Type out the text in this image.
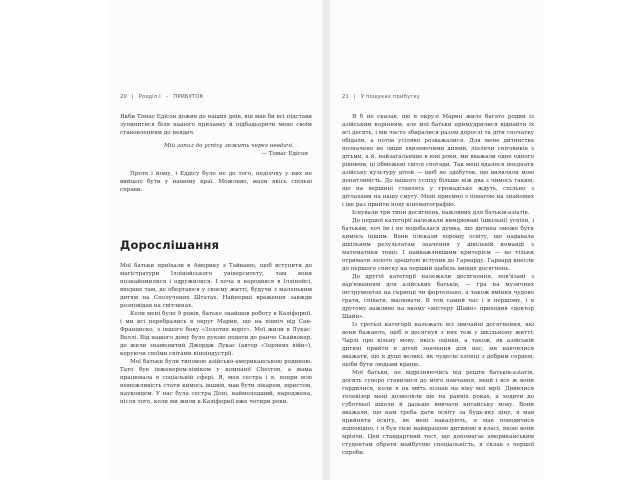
20 | Розділ І – ПРИБУТОК

Якби Томас Едісон дожив до наших днів, він мав би всі підстави зупинитися біля нашого прилавку й підбадьорити мене своїм становленням до невдач.

Мій запал до успіху лежить через невдачі.
— Томас Едісон

Проте і йому, і Еддісу було не до того, неділчку у них не вийшло бути у нашому краї. Можливо, мали якісь спільні справи.

Дорослішання

Мої батьки приїхали в Америку з Тайваню, щоб вступити до магістратури Іллінойського університету, там вони познайомилися і одружилися. І хоча я народився в Іллінойсі, вперше там, де обертаюся у своєму житті, будучи з маленьким дитям на Сполучених Штатах. Найперші враження завжди розповідав на світлинах.

Коли мені було 9 років, батько знайшов роботу в Каліфорнії, і ми всі перебрались в округ Марин, що на північ від Сан-Франциско, з іншого боку «Золотих воріт». Мої жили в Лукас-Веллі. Від нашого дому було рукою подати до ранчо Скайвокер, де жили знаменитий Джордж Лукас (автор «Зоряних війн»), керуючи своїми світами кіноіндустрії.

Мої батьки були типовою азійсько-американською родиною. Тато був інженером-хіміком у компанії Chevron, а мама працювала в соціальній сфері. Я, моя сестра і я, попри всю неможливість стати кимось іншим, мав бути лікарем, юристом, науковцем. У нас була сестра Доні, наймолодший, народжена, після того, коли ми жили в Каліфорнії вже чотири роки.

21 | У пошуках прибутку

Я б не сказав, що в окрузі Марин жило багато родин із азійським корінням, але мої батьки примудрилися віднайти їх всі десять, і ми часто збиралися разом дорослі та діти спочатку обідали, а потім усіляко розважалися. Для мене дитинства позначене не лише хвилюючими днями, ліплячи сніговиків з дітьми, а й, найзагальніше в юні роки, ми вважали одне одного рівними, ці обмежені світлі спогади. Так мені вдалося поєднати азійську культуру дітей — щоб не здобуток, що виявляли мою допитливість. До нашого успіху більше ніж два з чимось таким, що на вершині ставлять у громадське ждуть, спільно з дітлахами на нашу смугу. Мені приємно з повагою на знайомих і ще раз прийти нову кінематографію.

Існували три типи досягнень, важливих для батьків-азіатів.

До першої категорії належали вимірювані (шкільні) успіхи, і батькам, хоч їм і не подобалася думка, що дитина зможе бути кимось іншим. Вони плекали хорошу освіту, що надавала шкільним результатам значення у шкільній команді з математики тощо. І найважливішим критерієм — не тільки отримати золото зрештою вступив до Гарварду. Гарвард внесли до першого списку на перший щабель вищих досягнень.

До другої категорії належали досягнення, пов'язані з вар'юванням для азійських батьків, — гра на музичних інструментах на скрипці чи фортепіано, а також вміння чудово грати, співати, малювати. В той самий час і в першому, і в другому важливо на якому «містеру Шайн» приходив «доктор Шайн».

Із третьої категорії належать всі звичайні досягнення, які вони бажають, щоб я досягнув з них теж у шкільному житті: Чарлі про вільну мову, якісь оцінки, а також, як азійській дитині прийти в дітей значення для нас, ми навчилися вважати, що в душі великі, як чудесні хлопці з добрим серцем, щоби бути людьми краще.

Мої батьки, не відрізняючись від решти батьків-азіатів, досить суворо ставилися до мого навчання, який і все ж вони гордилися, коли я на мить пізнав на віку мої мрії. Дивилися телевізор мені дозволяли ще на ранніх роках, а ходити до суботньої школи й дальше вивчати китайську мову. Вони вважали, що нам треба дати освіту за будь-яку ціну, я мав прийняти освіту, як мені наказують, я мав поводитися відповідно, і я був тією найкращою дитиною в класі, якою вони мріяли. Цей стандартний тест, що допомагає американським студентам обрати майбутню спеціальність, я склав з першої спроби.
